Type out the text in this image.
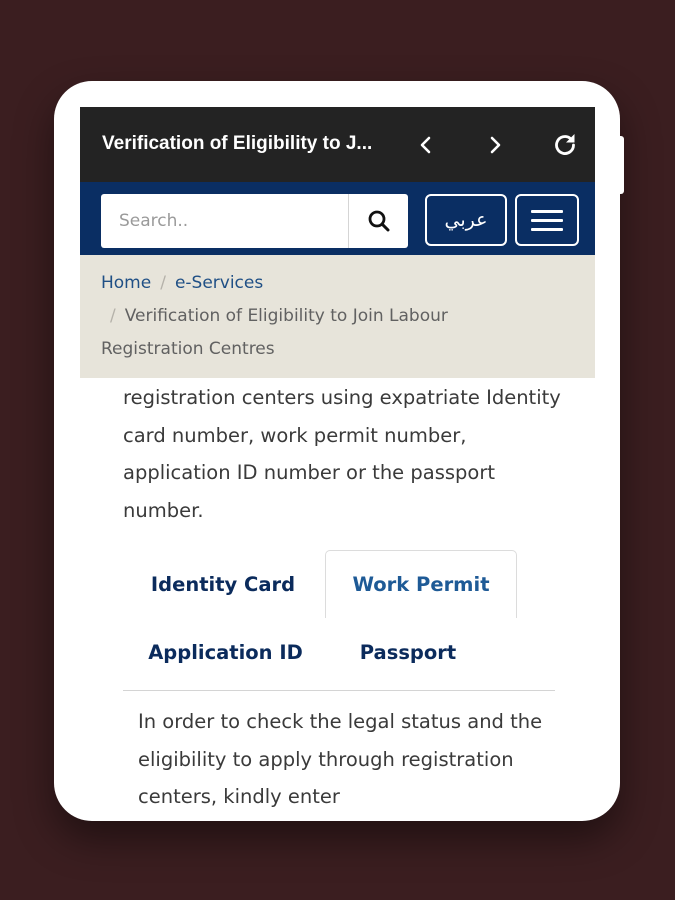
Verification of Eligibility to J...
Search..
عربي
Home / e-Services
/ Verification of Eligibility to Join Labour
Registration Centres

registration centers using expatriate Identity card number, work permit number, application ID number or the passport number.

Identity Card	Work Permit
Application ID	Passport

In order to check the legal status and the eligibility to apply through registration centers, kindly enter
